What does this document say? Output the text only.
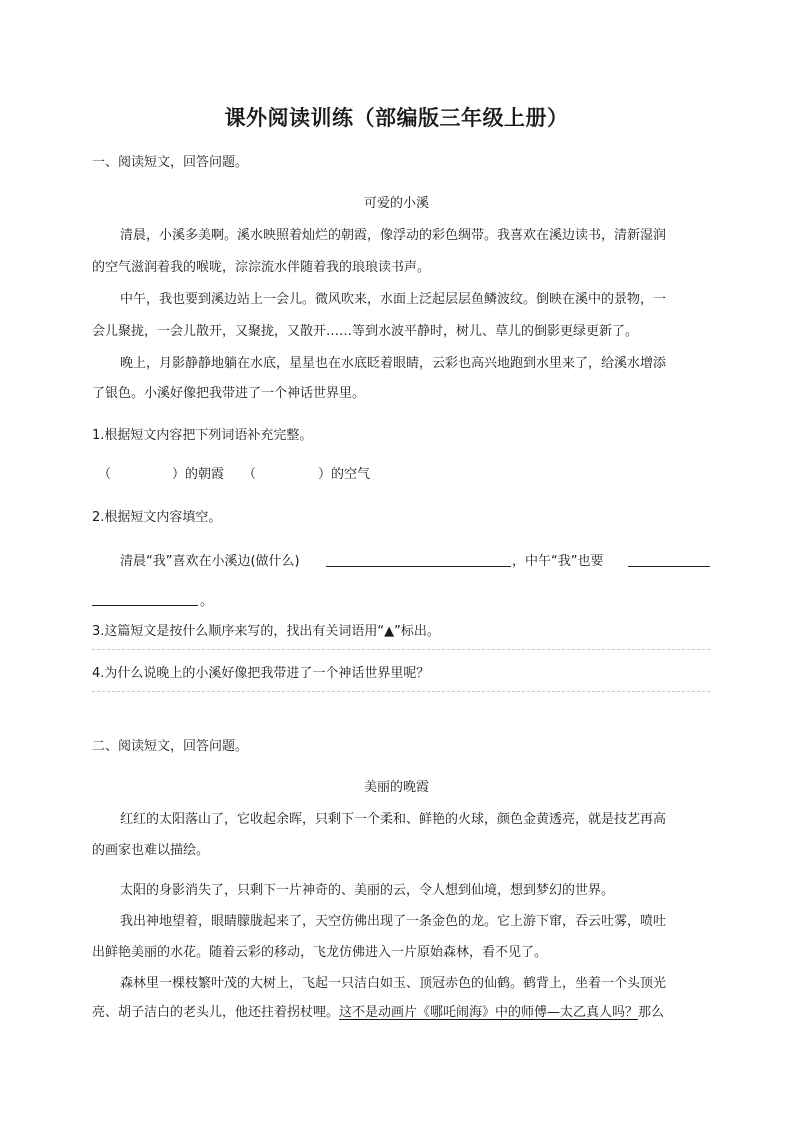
课外阅读训练（部编版三年级上册）
一、阅读短文，回答问题。
可爱的小溪
清晨，小溪多美啊。溪水映照着灿烂的朝霞，像浮动的彩色绸带。我喜欢在溪边读书，清新湿润
的空气滋润着我的喉咙，淙淙流水伴随着我的琅琅读书声。
中午，我也要到溪边站上一会儿。微风吹来，水面上泛起层层鱼鳞波纹。倒映在溪中的景物，一
会儿聚拢，一会儿散开，又聚拢，又散开……等到水波平静时，树儿、草儿的倒影更绿更新了。
晚上，月影静静地躺在水底，星星也在水底眨着眼睛，云彩也高兴地跑到水里来了，给溪水增添
了银色。小溪好像把我带进了一个神话世界里。
1.根据短文内容把下列词语补充完整。
（	）的朝霞 （	）的空气
2.根据短文内容填空。
清晨“我”喜欢在小溪边(做什么)	，中午“我”也要
。
3.这篇短文是按什么顺序来写的，找出有关词语用“▲”标出。
4.为什么说晚上的小溪好像把我带进了一个神话世界里呢？
二、阅读短文，回答问题。
美丽的晚霞
红红的太阳落山了，它收起余晖，只剩下一个柔和、鲜艳的火球，颜色金黄透亮，就是技艺再高
的画家也难以描绘。
太阳的身影消失了，只剩下一片神奇的、美丽的云，令人想到仙境，想到梦幻的世界。
我出神地望着，眼睛朦胧起来了，天空仿佛出现了一条金色的龙。它上游下窜，吞云吐雾，喷吐
出鲜艳美丽的水花。随着云彩的移动，飞龙仿佛进入一片原始森林，看不见了。
森林里一棵枝繁叶茂的大树上，飞起一只洁白如玉、顶冠赤色的仙鹤。鹤背上，坐着一个头顶光
亮、胡子洁白的老头儿，他还拄着拐杖哩。这不是动画片《哪吒闹海》中的师傅—太乙真人吗？那么
